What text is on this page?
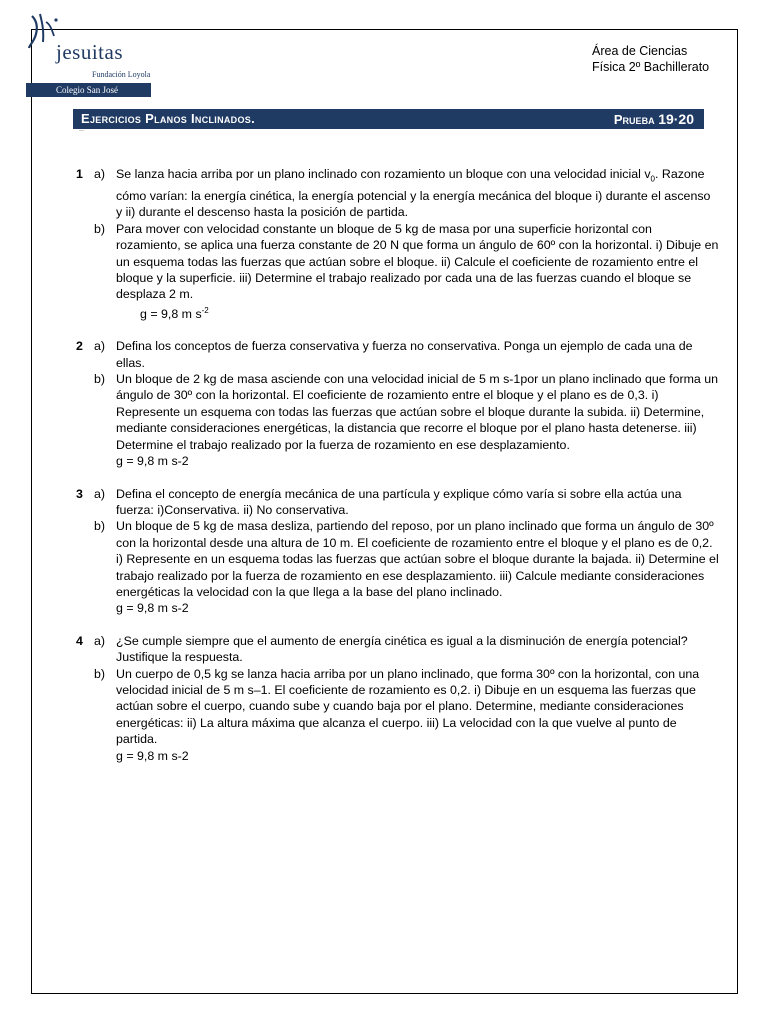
jesuitas
Fundación Loyola
Colegio San José
Área de Ciencias
Física 2º Bachillerato
Ejercicios Planos Inclinados.	Prueba 19·20
—
1 a) Se lanza hacia arriba por un plano inclinado con rozamiento un bloque con una velocidad inicial $v_0$. Razone cómo varían: la energía cinética, la energía potencial y la energía mecánica del bloque i) durante el ascenso y ii) durante el descenso hasta la posición de partida.
b) Para mover con velocidad constante un bloque de 5 kg de masa por una superficie horizontal con rozamiento, se aplica una fuerza constante de 20 N que forma un ángulo de 60º con la horizontal. i) Dibuje en un esquema todas las fuerzas que actúan sobre el bloque. ii) Calcule el coeficiente de rozamiento entre el bloque y la superficie. iii) Determine el trabajo realizado por cada una de las fuerzas cuando el bloque se desplaza 2 m.
g = 9,8 m $s^{-2}$
2 a) Defina los conceptos de fuerza conservativa y fuerza no conservativa. Ponga un ejemplo de cada una de ellas.
b) Un bloque de 2 kg de masa asciende con una velocidad inicial de 5 m s-1por un plano inclinado que forma un ángulo de 30º con la horizontal. El coeficiente de rozamiento entre el bloque y el plano es de 0,3. i) Represente un esquema con todas las fuerzas que actúan sobre el bloque durante la subida. ii) Determine, mediante consideraciones energéticas, la distancia que recorre el bloque por el plano hasta detenerse. iii) Determine el trabajo realizado por la fuerza de rozamiento en ese desplazamiento.
g = 9,8 m s-2
3 a) Defina el concepto de energía mecánica de una partícula y explique cómo varía si sobre ella actúa una fuerza: i)Conservativa. ii) No conservativa.
b) Un bloque de 5 kg de masa desliza, partiendo del reposo, por un plano inclinado que forma un ángulo de 30º con la horizontal desde una altura de 10 m. El coeficiente de rozamiento entre el bloque y el plano es de 0,2. i) Represente en un esquema todas las fuerzas que actúan sobre el bloque durante la bajada. ii) Determine el trabajo realizado por la fuerza de rozamiento en ese desplazamiento. iii) Calcule mediante consideraciones energéticas la velocidad con la que llega a la base del plano inclinado.
g = 9,8 m s-2
4 a) ¿Se cumple siempre que el aumento de energía cinética es igual a la disminución de energía potencial? Justifique la respuesta.
b) Un cuerpo de 0,5 kg se lanza hacia arriba por un plano inclinado, que forma 30º con la horizontal, con una velocidad inicial de 5 m s–1. El coeficiente de rozamiento es 0,2. i) Dibuje en un esquema las fuerzas que actúan sobre el cuerpo, cuando sube y cuando baja por el plano. Determine, mediante consideraciones energéticas: ii) La altura máxima que alcanza el cuerpo. iii) La velocidad con la que vuelve al punto de partida.
g = 9,8 m s-2
